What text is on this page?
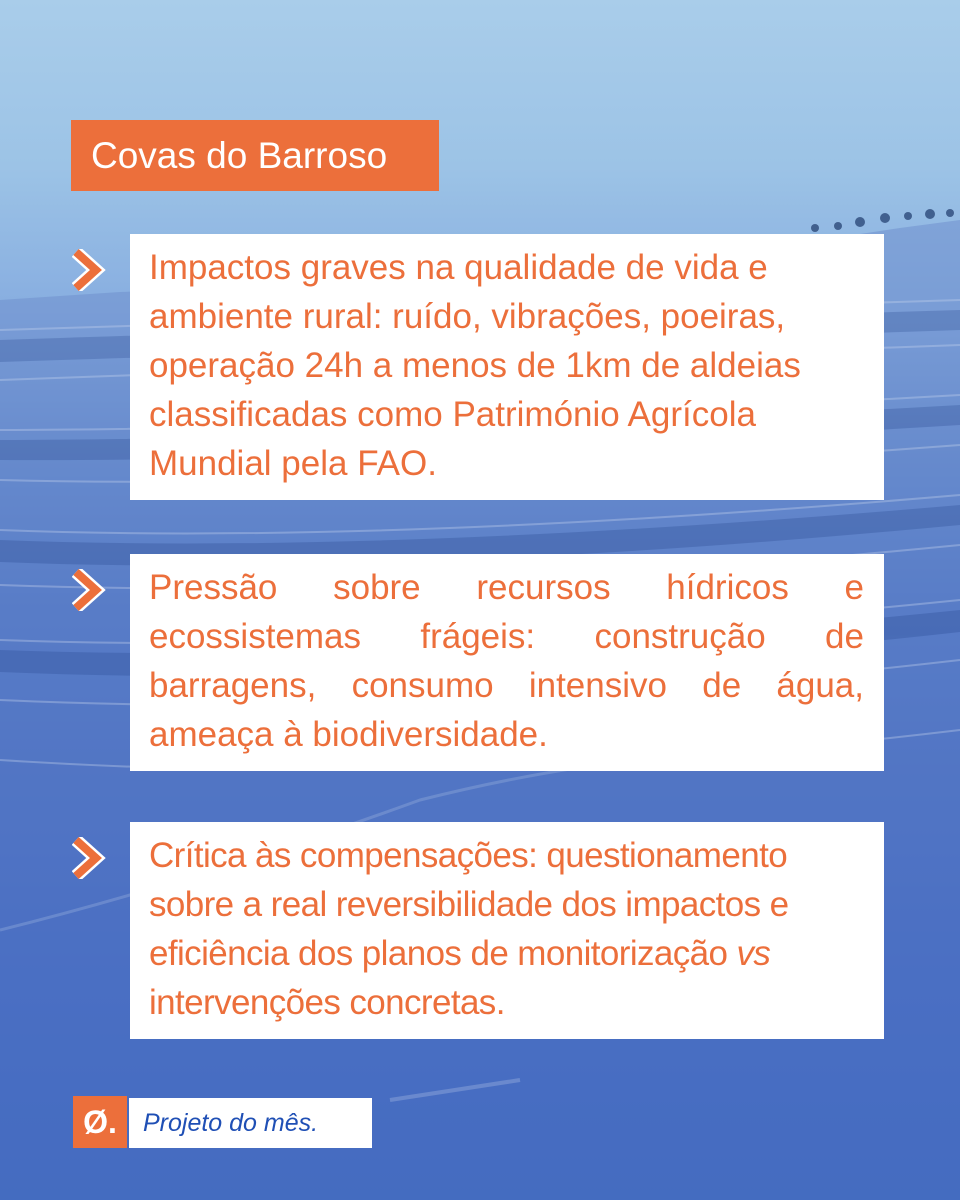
Covas do Barroso
Impactos graves na qualidade de vida e ambiente rural: ruído, vibrações, poeiras, operação 24h a menos de 1km de aldeias classificadas como Património Agrícola Mundial pela FAO.
Pressão sobre recursos hídricos e ecossistemas frágeis: construção de barragens, consumo intensivo de água, ameaça à biodiversidade.
Crítica às compensações: questionamento sobre a real reversibilidade dos impactos e eficiência dos planos de monitorização vs intervenções concretas.
Ø.	Projeto do mês.
